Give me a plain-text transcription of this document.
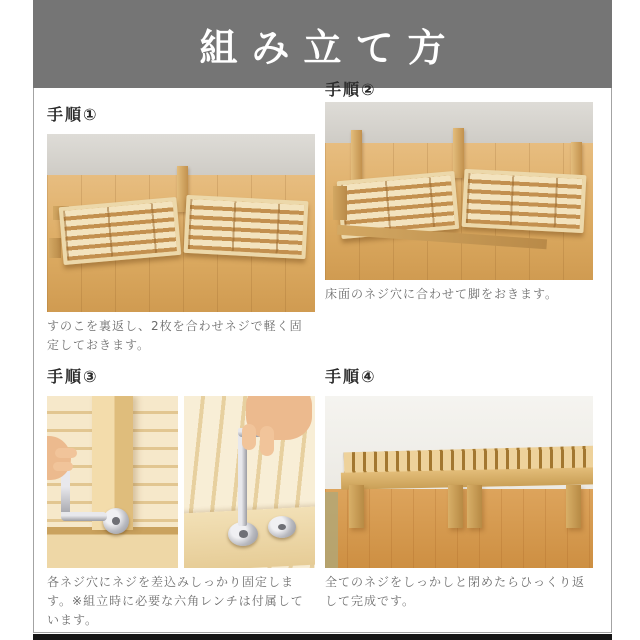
組み立て方
手順①
すのこを裏返し、2枚を合わせネジで軽く固定しておきます。
手順②
床面のネジ穴に合わせて脚をおきます。
手順③
各ネジ穴にネジを差込みしっかり固定します。※組立時に必要な六角レンチは付属しています。
手順④
全てのネジをしっかしと閉めたらひっくり返して完成です。
